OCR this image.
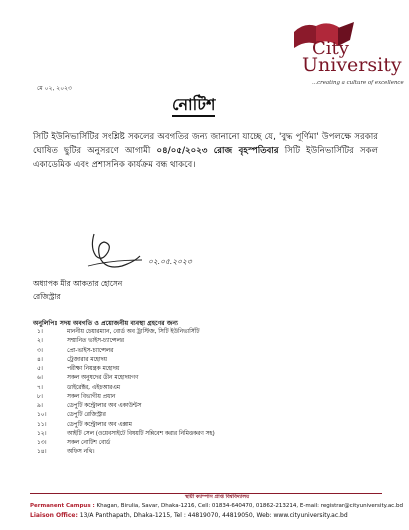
City
University
...creating a culture of excellence
মে ০২, ২০২৩
নোটিশ
সিটি ইউনিভার্সিটির সংশ্লিষ্ট সকলের অবগতির জন্য জানানো যাচ্ছে যে, 'বুদ্ধ পূর্ণিমা' উপলক্ষে সরকার ঘোষিত ছুটির অনুসরণে আগামী ০৪/০৫/২০২৩ রোজ বৃহস্পতিবার সিটি ইউনিভার্সিটির সকল একাডেমিক এবং প্রশাসনিক কার্যক্রম বন্ধ থাকবে।
০২.০৫.২০২৩
অধ্যাপক মীর আকতার হোসেন
রেজিস্ট্রার
অনুলিপিঃ সদয় অবগতি ও প্রয়োজনীয় ব্যবস্থা গ্রহণের জন্য
১।	মাননীয় চেয়ারম্যান, বোর্ড অব ট্রাস্টিজ, সিটি ইউনিভার্সিটি
২।	সম্মানিত ভাইস-চ্যান্সেলর
৩।	প্রো-ভাইস-চ্যান্সেলর
৪।	ট্রেজারার মহোদয়
৫।	পরীক্ষা নিয়ন্ত্রক মহোদয়
৬।	সকল অনুষদের ডীন মহোদয়গণ
৭।	ডাইরেক্টর, এইচআরএম
৮।	সকল বিভাগীয় প্রধান
৯।	ডেপুটি কন্ট্রোলার অব একাউন্টস
১০।	ডেপুটি রেজিস্ট্রার
১১।	ডেপুটি কন্ট্রোলার অব এক্সাম
১২।	আইটি সেল (ওয়েবসাইটে বিষয়টি সন্নিবেশ করার নিমিত্তকরণ সহ)
১৩।	সকল নোটিশ বোর্ড
১৪।	অফিস নথি।
স্থায়ী ক্যাম্পাস প্রাপ্ত বিশ্ববিদ্যালয়
Permanent Campus : Khagan, Birulia, Savar, Dhaka-1216, Cell: 01834-640470, 01862-213214, E-mail: registrar@cityuniversity.ac.bd
Liaison Office: 13/A Panthapath, Dhaka-1215, Tel : 44819070, 44819050, Web: www.cityuniversity.ac.bd
